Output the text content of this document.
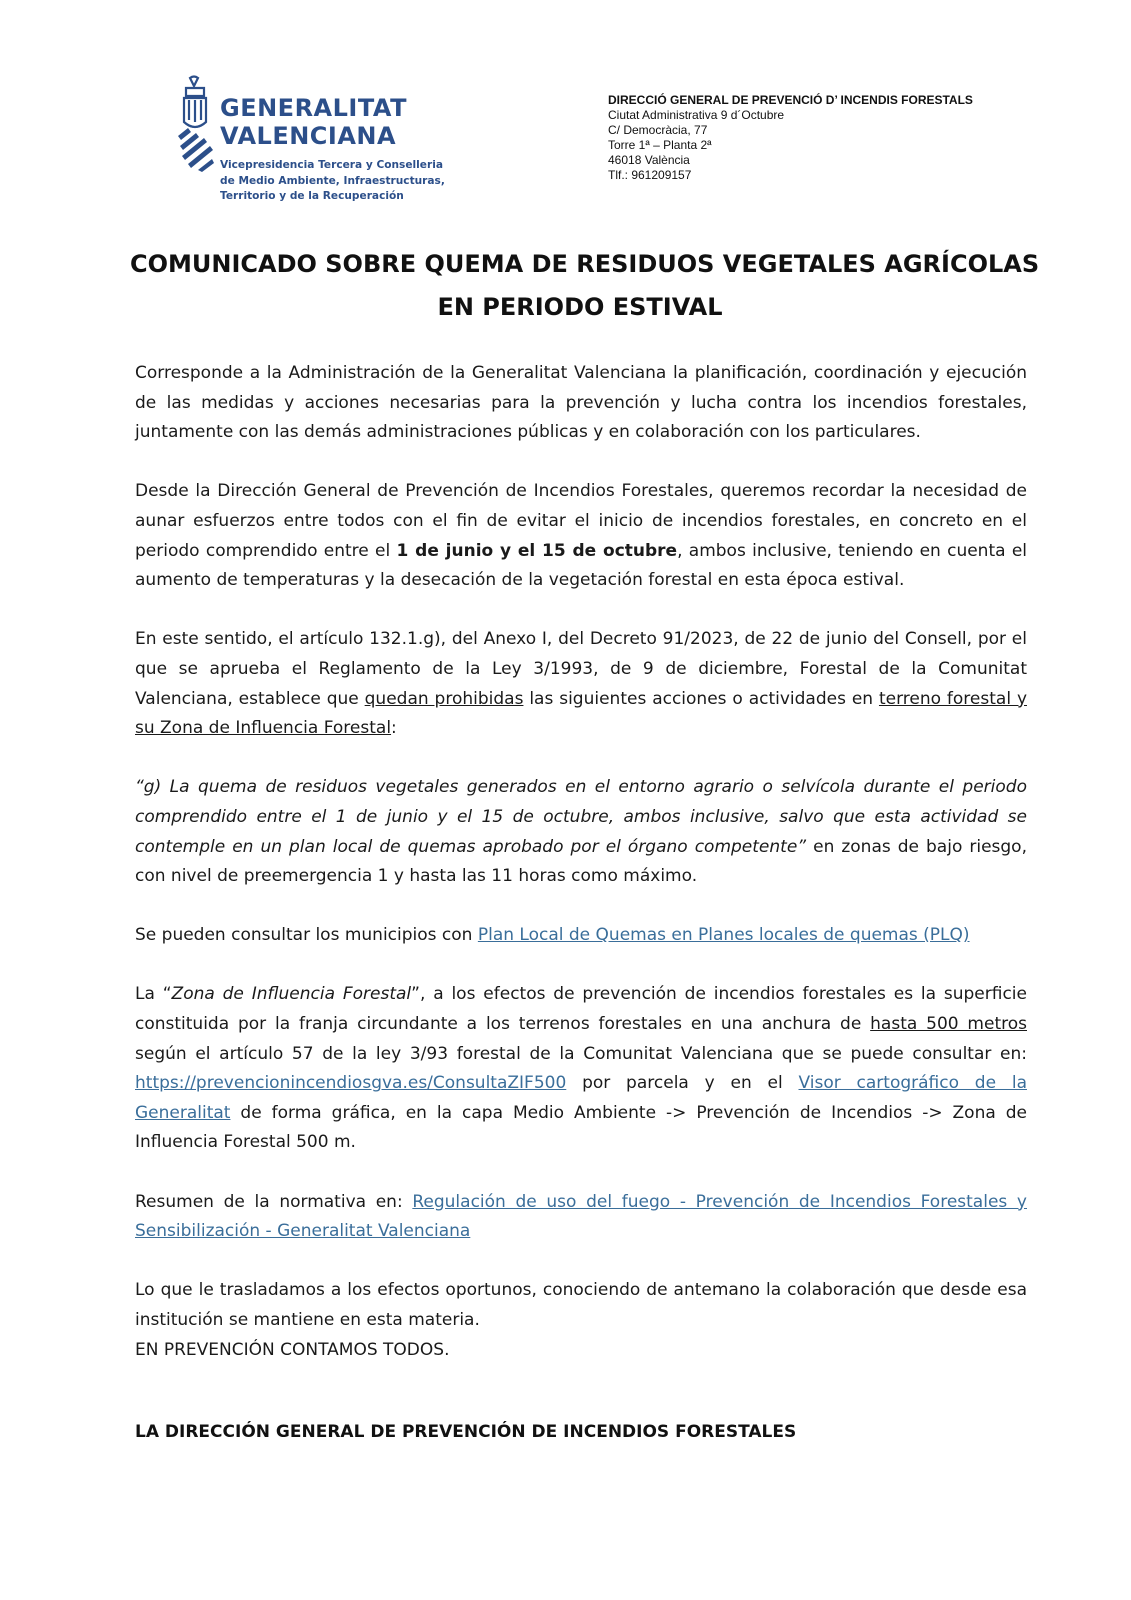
GENERALITAT
VALENCIANA
Vicepresidencia Tercera y Conselleria
de Medio Ambiente, Infraestructuras,
Territorio y de la Recuperación
DIRECCIÓ GENERAL DE PREVENCIÓ D’ INCENDIS FORESTALS
Ciutat Administrativa 9 d´Octubre
C/ Democràcia, 77
Torre 1ª – Planta 2ª
46018 València
Tlf.: 961209157
COMUNICADO SOBRE QUEMA DE RESIDUOS VEGETALES AGRÍCOLAS
EN PERIODO ESTIVAL

Corresponde a la Administración de la Generalitat Valenciana la planificación, coordinación y ejecución de las medidas y acciones necesarias para la prevención y lucha contra los incendios forestales, juntamente con las demás administraciones públicas y en colaboración con los particulares.

Desde la Dirección General de Prevención de Incendios Forestales, queremos recordar la necesidad de aunar esfuerzos entre todos con el fin de evitar el inicio de incendios forestales, en concreto en el periodo comprendido entre el 1 de junio y el 15 de octubre, ambos inclusive, teniendo en cuenta el aumento de temperaturas y la desecación de la vegetación forestal en esta época estival.

En este sentido, el artículo 132.1.g), del Anexo I, del Decreto 91/2023, de 22 de junio del Consell, por el que se aprueba el Reglamento de la Ley 3/1993, de 9 de diciembre, Forestal de la Comunitat Valenciana, establece que quedan prohibidas las siguientes acciones o actividades en terreno forestal y su Zona de Influencia Forestal:

“g) La quema de residuos vegetales generados en el entorno agrario o selvícola durante el periodo comprendido entre el 1 de junio y el 15 de octubre, ambos inclusive, salvo que esta actividad se contemple en un plan local de quemas aprobado por el órgano competente” en zonas de bajo riesgo, con nivel de preemergencia 1 y hasta las 11 horas como máximo.

Se pueden consultar los municipios con Plan Local de Quemas en Planes locales de quemas (PLQ)

La “Zona de Influencia Forestal”, a los efectos de prevención de incendios forestales es la superficie constituida por la franja circundante a los terrenos forestales en una anchura de hasta 500 metros según el artículo 57 de la ley 3/93 forestal de la Comunitat Valenciana que se puede consultar en: https://prevencionincendiosgva.es/ConsultaZIF500 por parcela y en el Visor cartográfico de la Generalitat de forma gráfica, en la capa Medio Ambiente -> Prevención de Incendios -> Zona de Influencia Forestal 500 m.

Resumen de la normativa en: Regulación de uso del fuego - Prevención de Incendios Forestales y Sensibilización - Generalitat Valenciana

Lo que le trasladamos a los efectos oportunos, conociendo de antemano la colaboración que desde esa institución se mantiene en esta materia.

EN PREVENCIÓN CONTAMOS TODOS.

LA DIRECCIÓN GENERAL DE PREVENCIÓN DE INCENDIOS FORESTALES
